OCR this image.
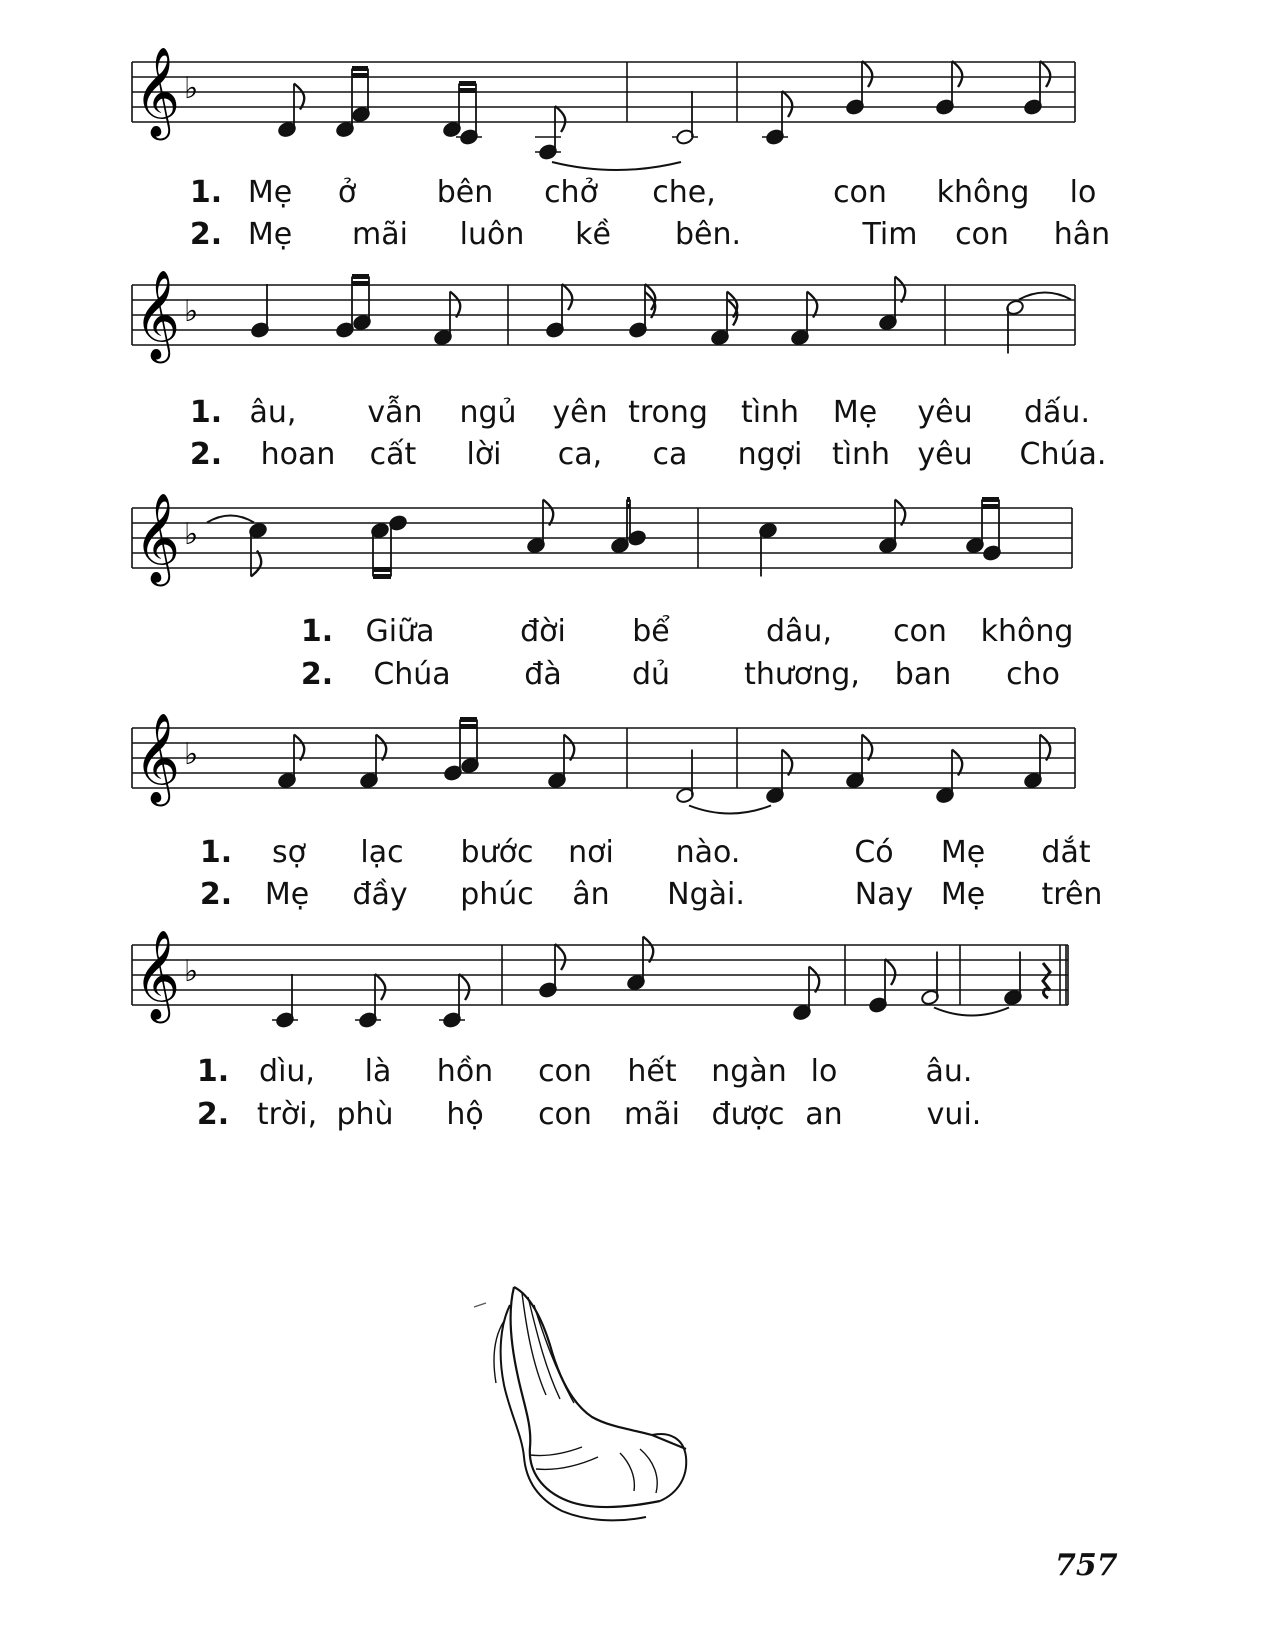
𝄞 ♭
1. Mẹ ở	bên chở che,	con không lo
2. Mẹ mãi luôn kề bên.	Tim con hân
𝄞 ♭
1. âu, vẫn ngủ yên trong tình Mẹ yêu dấu.
2. hoan cất lời ca, ca ngợi tình yêu Chúa.
𝄞 ♭
1. Giữa	đời bể	dâu, con không
2. Chúa đà dủ thương, ban cho
𝄞 ♭
1. sợ lạc bước nơi nào.	Có Mẹ dắt
2. Mẹ đầy phúc ân Ngài.	Nay Mẹ trên
𝄞 ♭
1. dìu, là hồn con hết ngàn lo	âu.
2. trời, phù hộ con mãi được an	vui.
757
